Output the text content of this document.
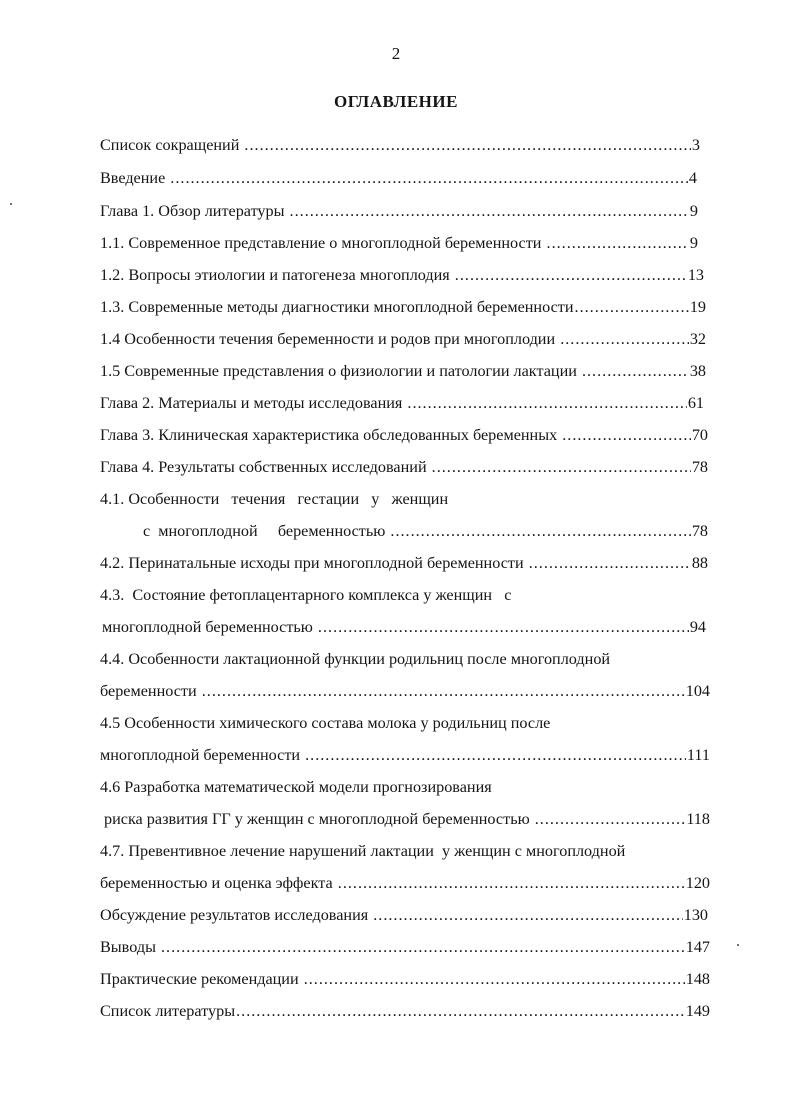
2
ОГЛАВЛЕНИЕ
Список сокращений .....	3
Введение .....	4
Глава 1. Обзор литературы .....	9
1.1. Современное представление о многоплодной беременности .....	9
1.2. Вопросы этиологии и патогенеза многоплодия .....	13
1.3. Современные методы диагностики многоплодной беременности .....	19
1.4 Особенности течения беременности и родов при многоплодии .....	32
1.5 Современные представления о физиологии и патологии лактации .....	38
Глава 2. Материалы и методы исследования .....	61
Глава 3. Клиническая характеристика обследованных беременных .....	70
Глава 4. Результаты собственных исследований .....	78
4.1. Особенности   течения   гестации   у   женщин
с  многоплодной     беременностью .....	78
4.2. Перинатальные исходы при многоплодной беременности .....	88
4.3.  Состояние фетоплацентарного комплекса у женщин   с
многоплодной беременностью .....	94
4.4. Особенности лактационной функции родильниц после многоплодной
беременности .....	104
4.5 Особенности химического состава молока у родильниц после
многоплодной беременности .....	111
4.6 Разработка математической модели прогнозирования
риска развития ГГ у женщин с многоплодной беременностью .....	118
4.7. Превентивное лечение нарушений лактации  у женщин с многоплодной
беременностью и оценка эффекта .....	120
Обсуждение результатов исследования .....	130
Выводы .....	147
Практические рекомендации .....	148
Список литературы .....	149
